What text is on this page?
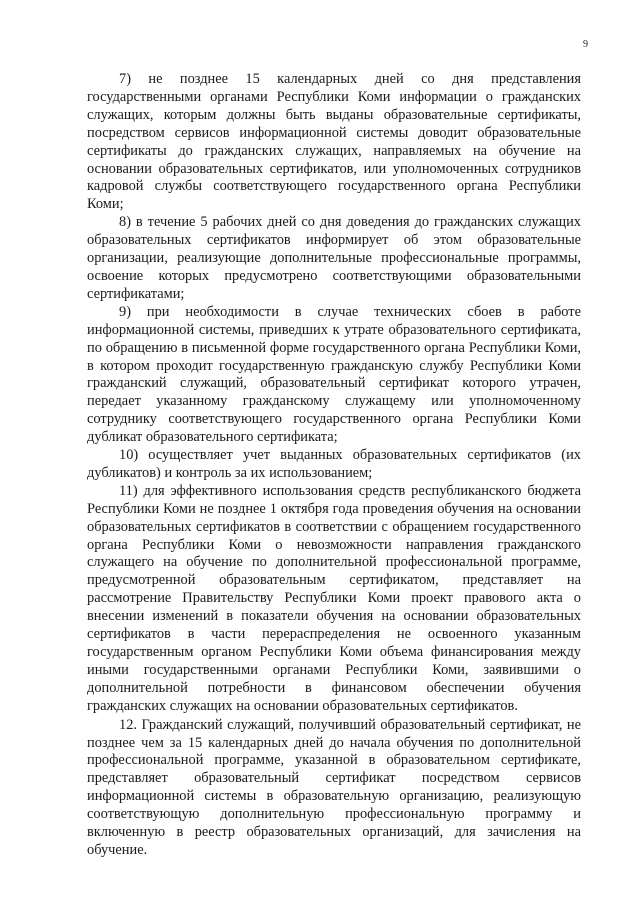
9

7) не позднее 15 календарных дней со дня представления государственными органами Республики Коми информации о гражданских служащих, которым должны быть выданы образовательные сертификаты, посредством сервисов информационной системы доводит образовательные сертификаты до гражданских служащих, направляемых на обучение на основании образовательных сертификатов, или уполномоченных сотрудников кадровой службы соответствующего государственного органа Республики Коми;

8) в течение 5 рабочих дней со дня доведения до гражданских служащих образовательных сертификатов информирует об этом образовательные организации, реализующие дополнительные профессиональные программы, освоение которых предусмотрено соответствующими образовательными сертификатами;

9) при необходимости в случае технических сбоев в работе информационной системы, приведших к утрате образовательного сертификата, по обращению в письменной форме государственного органа Республики Коми, в котором проходит государственную гражданскую службу Республики Коми гражданский служащий, образовательный сертификат которого утрачен, передает указанному гражданскому служащему или уполномоченному сотруднику соответствующего государственного органа Республики Коми дубликат образовательного сертификата;

10) осуществляет учет выданных образовательных сертификатов (их дубликатов) и контроль за их использованием;

11) для эффективного использования средств республиканского бюджета Республики Коми не позднее 1 октября года проведения обучения на основании образовательных сертификатов в соответствии с обращением государственного органа Республики Коми о невозможности направления гражданского служащего на обучение по дополнительной профессиональной программе, предусмотренной образовательным сертификатом, представляет на рассмотрение Правительству Республики Коми проект правового акта о внесении изменений в показатели обучения на основании образовательных сертификатов в части перераспределения не освоенного указанным государственным органом Республики Коми объема финансирования между иными государственными органами Республики Коми, заявившими о дополнительной потребности в финансовом обеспечении обучения гражданских служащих на основании образовательных сертификатов.

12. Гражданский служащий, получивший образовательный сертификат, не позднее чем за 15 календарных дней до начала обучения по дополнительной профессиональной программе, указанной в образовательном сертификате, представляет образовательный сертификат посредством сервисов информационной системы в образовательную организацию, реализующую соответствующую дополнительную профессиональную программу и включенную в реестр образовательных организаций, для зачисления на обучение.
